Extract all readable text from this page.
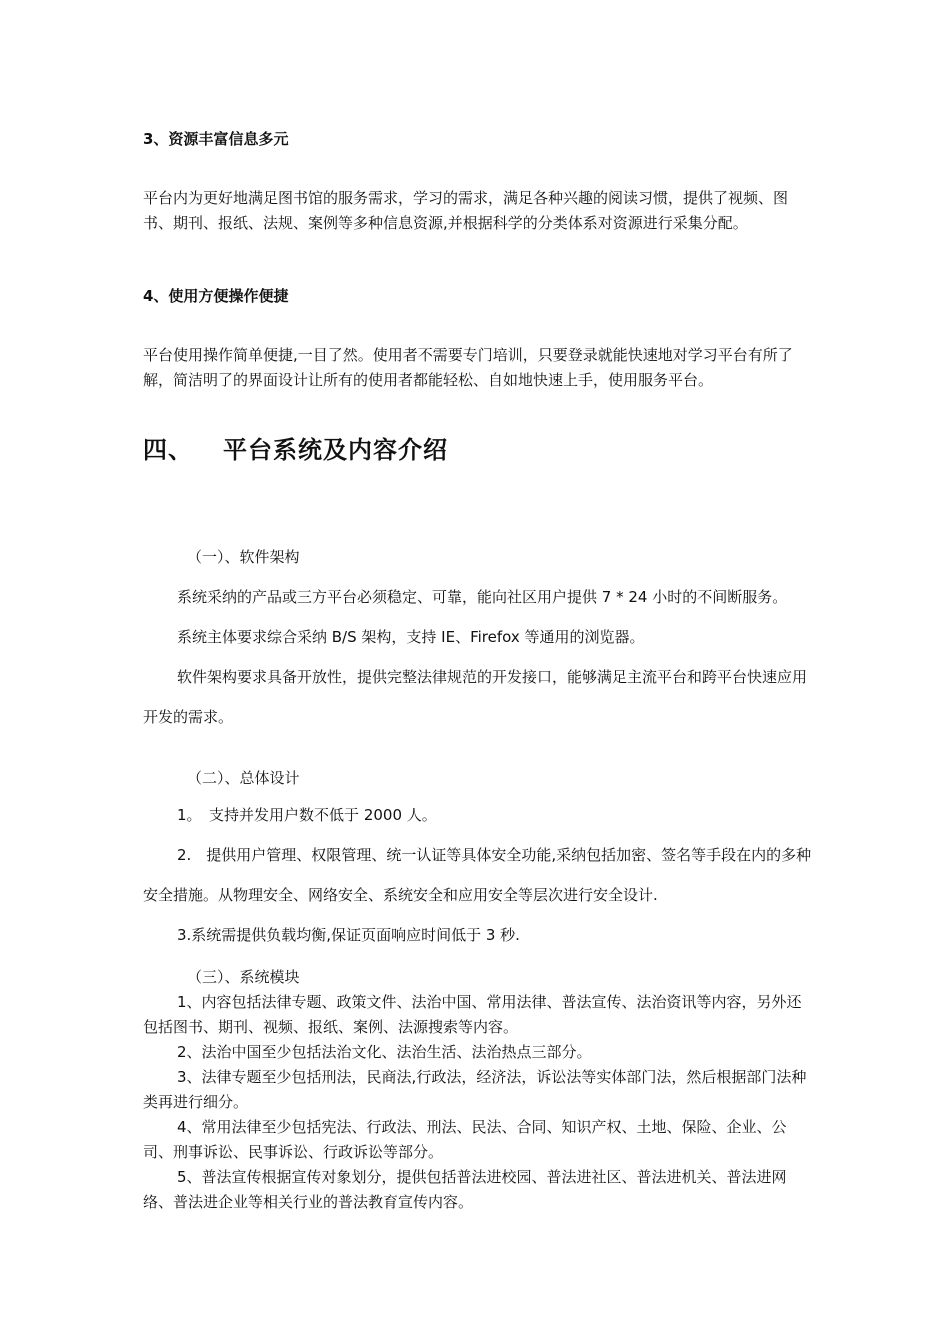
3、资源丰富信息多元

平台内为更好地满足图书馆的服务需求，学习的需求，满足各种兴趣的阅读习惯，提供了视频、图书、期刊、报纸、法规、案例等多种信息资源,并根据科学的分类体系对资源进行采集分配。

4、使用方便操作便捷

平台使用操作简单便捷,一目了然。使用者不需要专门培训，只要登录就能快速地对学习平台有所了解，简洁明了的界面设计让所有的使用者都能轻松、自如地快速上手，使用服务平台。

四、 平台系统及内容介绍
（一）、软件架构

系统采纳的产品或三方平台必须稳定、可靠，能向社区用户提供 7 * 24 小时的不间断服务。

系统主体要求综合采纳 B/S 架构，支持 IE、Firefox 等通用的浏览器。

软件架构要求具备开放性，提供完整法律规范的开发接口，能够满足主流平台和跨平台快速应用开发的需求。

（二）、总体设计

1。　支持并发用户数不低于 2000 人。

2.　提供用户管理、权限管理、统一认证等具体安全功能,采纳包括加密、签名等手段在内的多种安全措施。从物理安全、网络安全、系统安全和应用安全等层次进行安全设计.

3.系统需提供负载均衡,保证页面响应时间低于 3 秒.

（三）、系统模块

1、内容包括法律专题、政策文件、法治中国、常用法律、普法宣传、法治资讯等内容，另外还包括图书、期刊、视频、报纸、案例、法源搜索等内容。

2、法治中国至少包括法治文化、法治生活、法治热点三部分。

3、法律专题至少包括刑法，民商法,行政法，经济法，诉讼法等实体部门法，然后根据部门法种类再进行细分。

4、常用法律至少包括宪法、行政法、刑法、民法、合同、知识产权、土地、保险、企业、公司、刑事诉讼、民事诉讼、行政诉讼等部分。

5、普法宣传根据宣传对象划分，提供包括普法进校园、普法进社区、普法进机关、普法进网络、普法进企业等相关行业的普法教育宣传内容。
